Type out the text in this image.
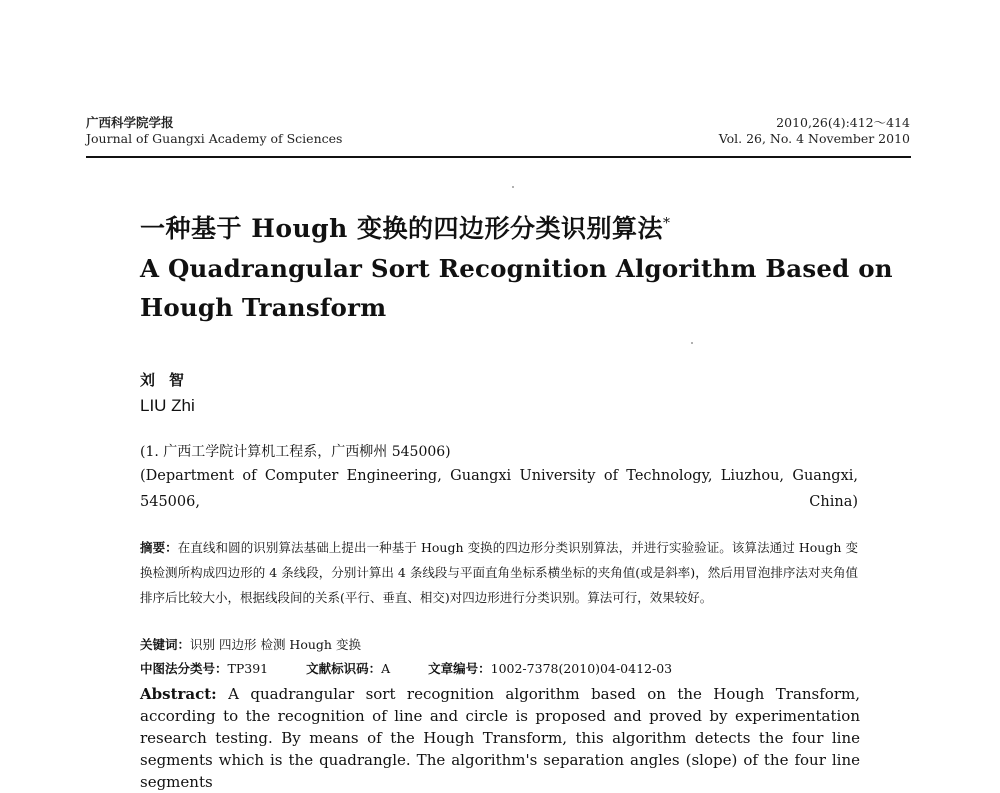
广西科学院学报
Journal of Guangxi Academy of Sciences
2010,26(4):412～414
Vol. 26, No. 4 November 2010
一种基于 Hough 变换的四边形分类识别算法*
A Quadrangular Sort Recognition Algorithm Based on
Hough Transform
刘智
LIU Zhi
(1. 广西工学院计算机工程系，广西柳州 545006)
(Department of Computer Engineering, Guangxi University of Technology, Liuzhou, Guangxi, 545006, China)
摘要：在直线和圆的识别算法基础上提出一种基于 Hough 变换的四边形分类识别算法，并进行实验验证。该算法通过 Hough 变换检测所构成四边形的 4 条线段，分别计算出 4 条线段与平面直角坐标系横坐标的夹角值(或是斜率)，然后用冒泡排序法对夹角值排序后比较大小，根据线段间的关系(平行、垂直、相交)对四边形进行分类识别。算法可行，效果较好。
关键词：识别 四边形 检测 Hough 变换
中图法分类号：TP391	文献标识码：A	文章编号：1002-7378(2010)04-0412-03
Abstract: A quadrangular sort recognition algorithm based on the Hough Transform, according to the recognition of line and circle is proposed and proved by experimentation research testing. By means of the Hough Transform, this algorithm detects the four line segments which is the quadrangle. The algorithm's separation angles (slope) of the four line segments
